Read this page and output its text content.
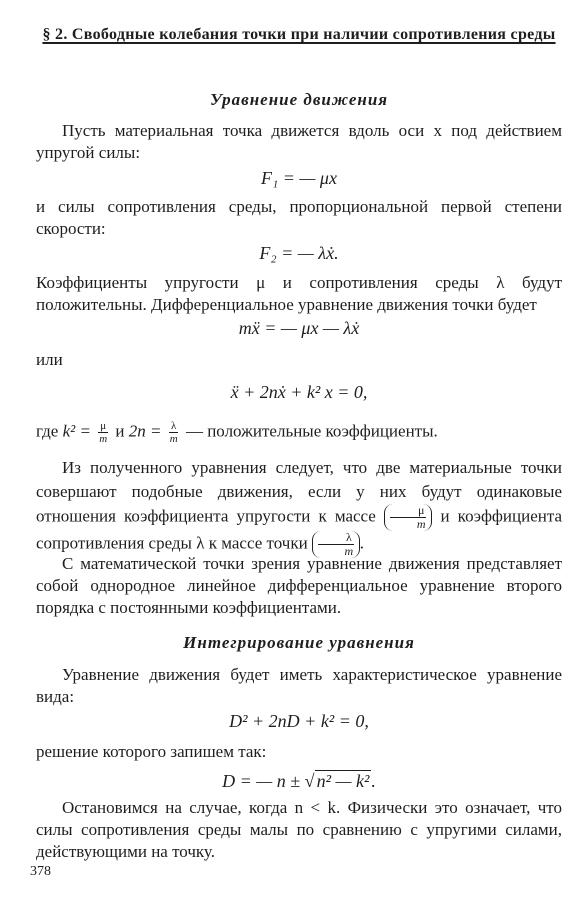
§ 2. Свободные колебания точки при наличии сопротивления среды
Уравнение движения

Пусть материальная точка движется вдоль оси x под действием упругой силы:

F₁ = — μx

и силы сопротивления среды, пропорциональной первой степени скорости:

F₂ = — λẋ.

Коэффициенты упругости μ и сопротивления среды λ будут положительны. Дифференциальное уравнение движения точки будет

mẍ = — μx — λẋ

или

ẍ + 2nẋ + k² x = 0,

где $k^2 = \frac{\mu}{m}$ и $2n = \frac{\lambda}{m}$ — положительные коэффициенты.

Из полученного уравнения следует, что две материальные точки совершают подобные движения, если у них будут одинаковые отношения коэффициента упругости к массе $\frac{\mu}{m}$ и коэффициента сопротивления среды λ к массе точки $\frac{\lambda}{m}$ .

С математической точки зрения уравнение движения представляет собой однородное линейное дифференциальное уравнение второго порядка с постоянными коэффициентами.

Интегрирование уравнения

Уравнение движения будет иметь характеристическое уравнение вида:

D² + 2nD + k² = 0,

решение которого запишем так:

D = — n ± √ n² — k² .

Остановимся на случае, когда n < k. Физически это означает, что силы сопротивления среды малы по сравнению с упругими силами, действующими на точку.

378
